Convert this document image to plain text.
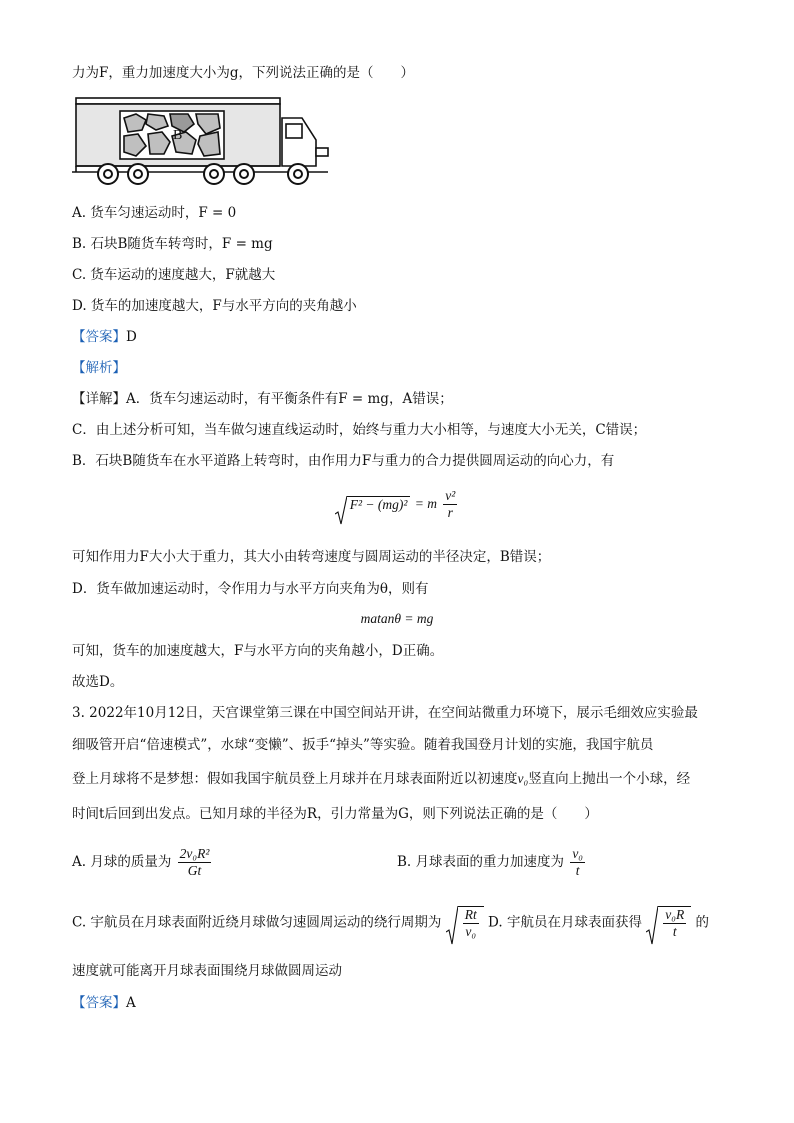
力为F，重力加速度大小为g，下列说法正确的是（　　）
B
A. 货车匀速运动时，F = 0
B. 石块B随货车转弯时，F = mg
C. 货车运动的速度越大，F就越大
D. 货车的加速度越大，F与水平方向的夹角越小
【答案】D
【解析】
【详解】A．货车匀速运动时，有平衡条件有F = mg，A错误；
C．由上述分析可知，当车做匀速直线运动时，始终与重力大小相等，与速度大小无关，C错误；
B．石块B随货车在水平道路上转弯时，由作用力F与重力的合力提供圆周运动的向心力，有
F² − (mg)² = m $\frac{\text{v²}}{r}$
可知作用力F大小大于重力，其大小由转弯速度与圆周运动的半径决定，B错误；
D．货车做加速运动时，令作用力与水平方向夹角为θ，则有
matanθ = mg
可知，货车的加速度越大，F与水平方向的夹角越小，D正确。
故选D。
3. 2022年10月12日，天宫课堂第三课在中国空间站开讲，在空间站微重力环境下，展示毛细效应实验最
细吸管开启“倍速模式”，水球“变懒”、扳手“掉头”等实验。随着我国登月计划的实施，我国宇航员
登上月球将不是梦想：假如我国宇航员登上月球并在月球表面附近以初速度v₀竖直向上抛出一个小球，经
时间t后回到出发点。已知月球的半径为R，引力常量为G，则下列说法正确的是（　　）
A. 月球的质量为 $\frac{\text{2v₀R²}}{Gt}$	B. 月球表面的重力加速度为 $\frac{\text{v₀}}{t}$
C. 宇航员在月球表面附近绕月球做匀速圆周运动的绕行周期为 $\frac{Rt}{\text{v₀}} D$. 宇航员在月球表面获得 $\frac{\text{v₀R}}{t}$ 的
速度就可能离开月球表面围绕月球做圆周运动
【答案】A
